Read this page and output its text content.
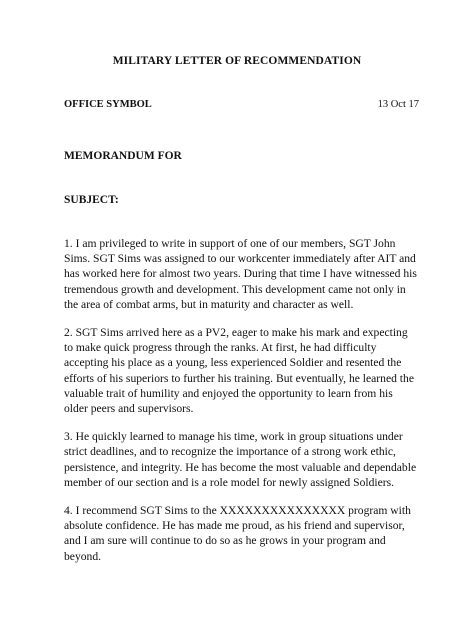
MILITARY LETTER OF RECOMMENDATION
OFFICE SYMBOL	13 Oct 17
MEMORANDUM FOR
SUBJECT:

1. I am privileged to write in support of one of our members, SGT John Sims. SGT Sims was assigned to our workcenter immediately after AIT and has worked here for almost two years. During that time I have witnessed his tremendous growth and development. This development came not only in the area of combat arms, but in maturity and character as well.

2. SGT Sims arrived here as a PV2, eager to make his mark and expecting to make quick progress through the ranks. At first, he had difficulty accepting his place as a young, less experienced Soldier and resented the efforts of his superiors to further his training. But eventually, he learned the valuable trait of humility and enjoyed the opportunity to learn from his older peers and supervisors.

3. He quickly learned to manage his time, work in group situations under strict deadlines, and to recognize the importance of a strong work ethic, persistence, and integrity. He has become the most valuable and dependable member of our section and is a role model for newly assigned Soldiers.

4. I recommend SGT Sims to the XXXXXXXXXXXXXXX program with absolute confidence. He has made me proud, as his friend and supervisor, and I am sure will continue to do so as he grows in your program and beyond.
